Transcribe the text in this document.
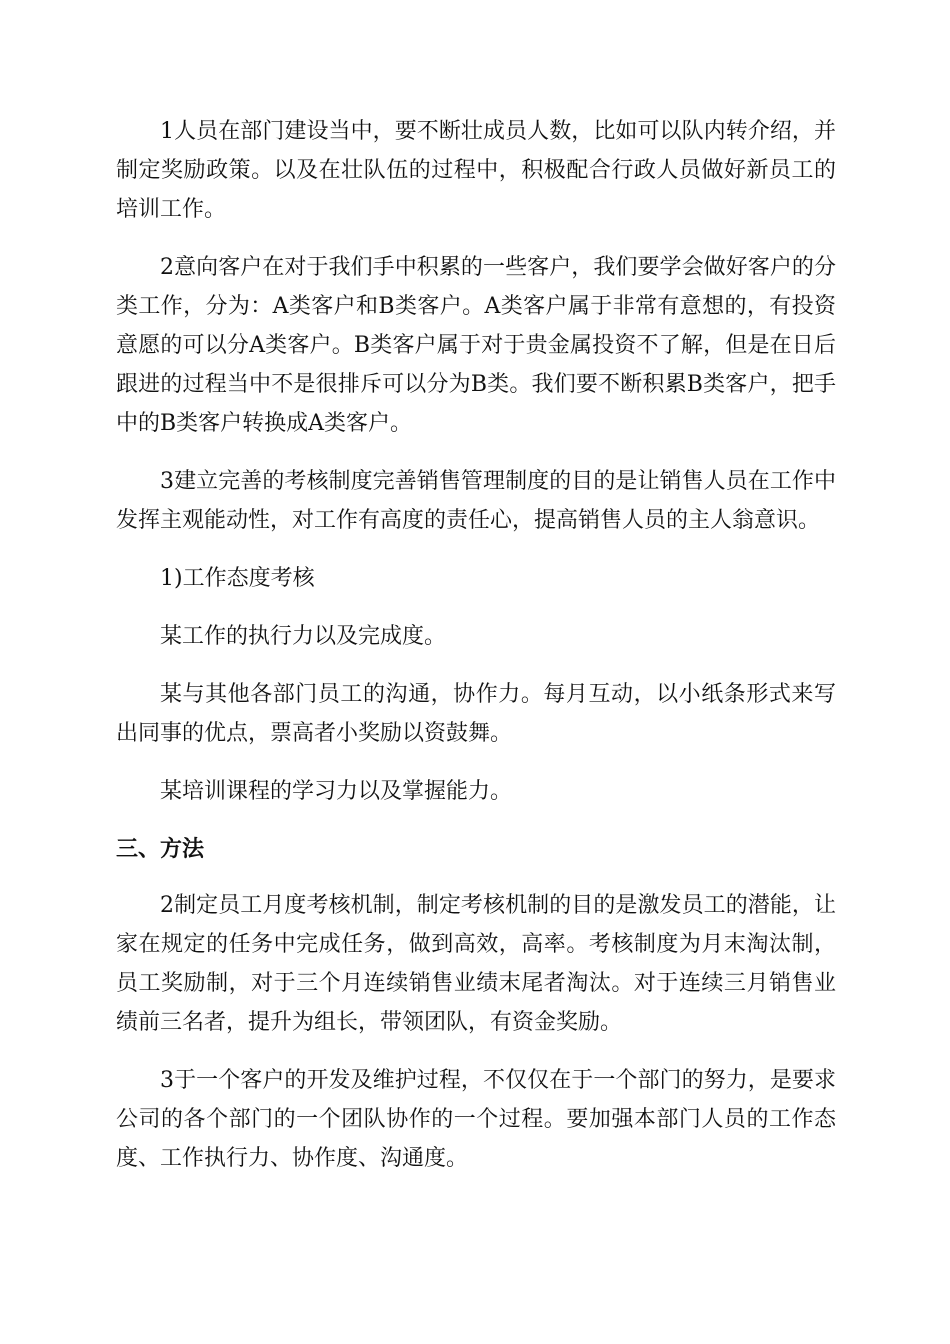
1人员在部门建设当中，要不断壮成员人数，比如可以队内转介绍，并制定奖励政策。以及在壮队伍的过程中，积极配合行政人员做好新员工的培训工作。

2意向客户在对于我们手中积累的一些客户，我们要学会做好客户的分类工作，分为：A类客户和B类客户。A类客户属于非常有意想的，有投资意愿的可以分A类客户。B类客户属于对于贵金属投资不了解，但是在日后跟进的过程当中不是很排斥可以分为B类。我们要不断积累B类客户，把手中的B类客户转换成A类客户。

3建立完善的考核制度完善销售管理制度的目的是让销售人员在工作中发挥主观能动性，对工作有高度的责任心，提高销售人员的主人翁意识。

1)工作态度考核

某工作的执行力以及完成度。

某与其他各部门员工的沟通，协作力。每月互动，以小纸条形式来写出同事的优点，票高者小奖励以资鼓舞。

某培训课程的学习力以及掌握能力。

三、方法

2制定员工月度考核机制，制定考核机制的目的是激发员工的潜能，让家在规定的任务中完成任务，做到高效，高率。考核制度为月末淘汰制，员工奖励制，对于三个月连续销售业绩末尾者淘汰。对于连续三月销售业绩前三名者，提升为组长，带领团队，有资金奖励。

3于一个客户的开发及维护过程，不仅仅在于一个部门的努力，是要求公司的各个部门的一个团队协作的一个过程。要加强本部门人员的工作态度、工作执行力、协作度、沟通度。
